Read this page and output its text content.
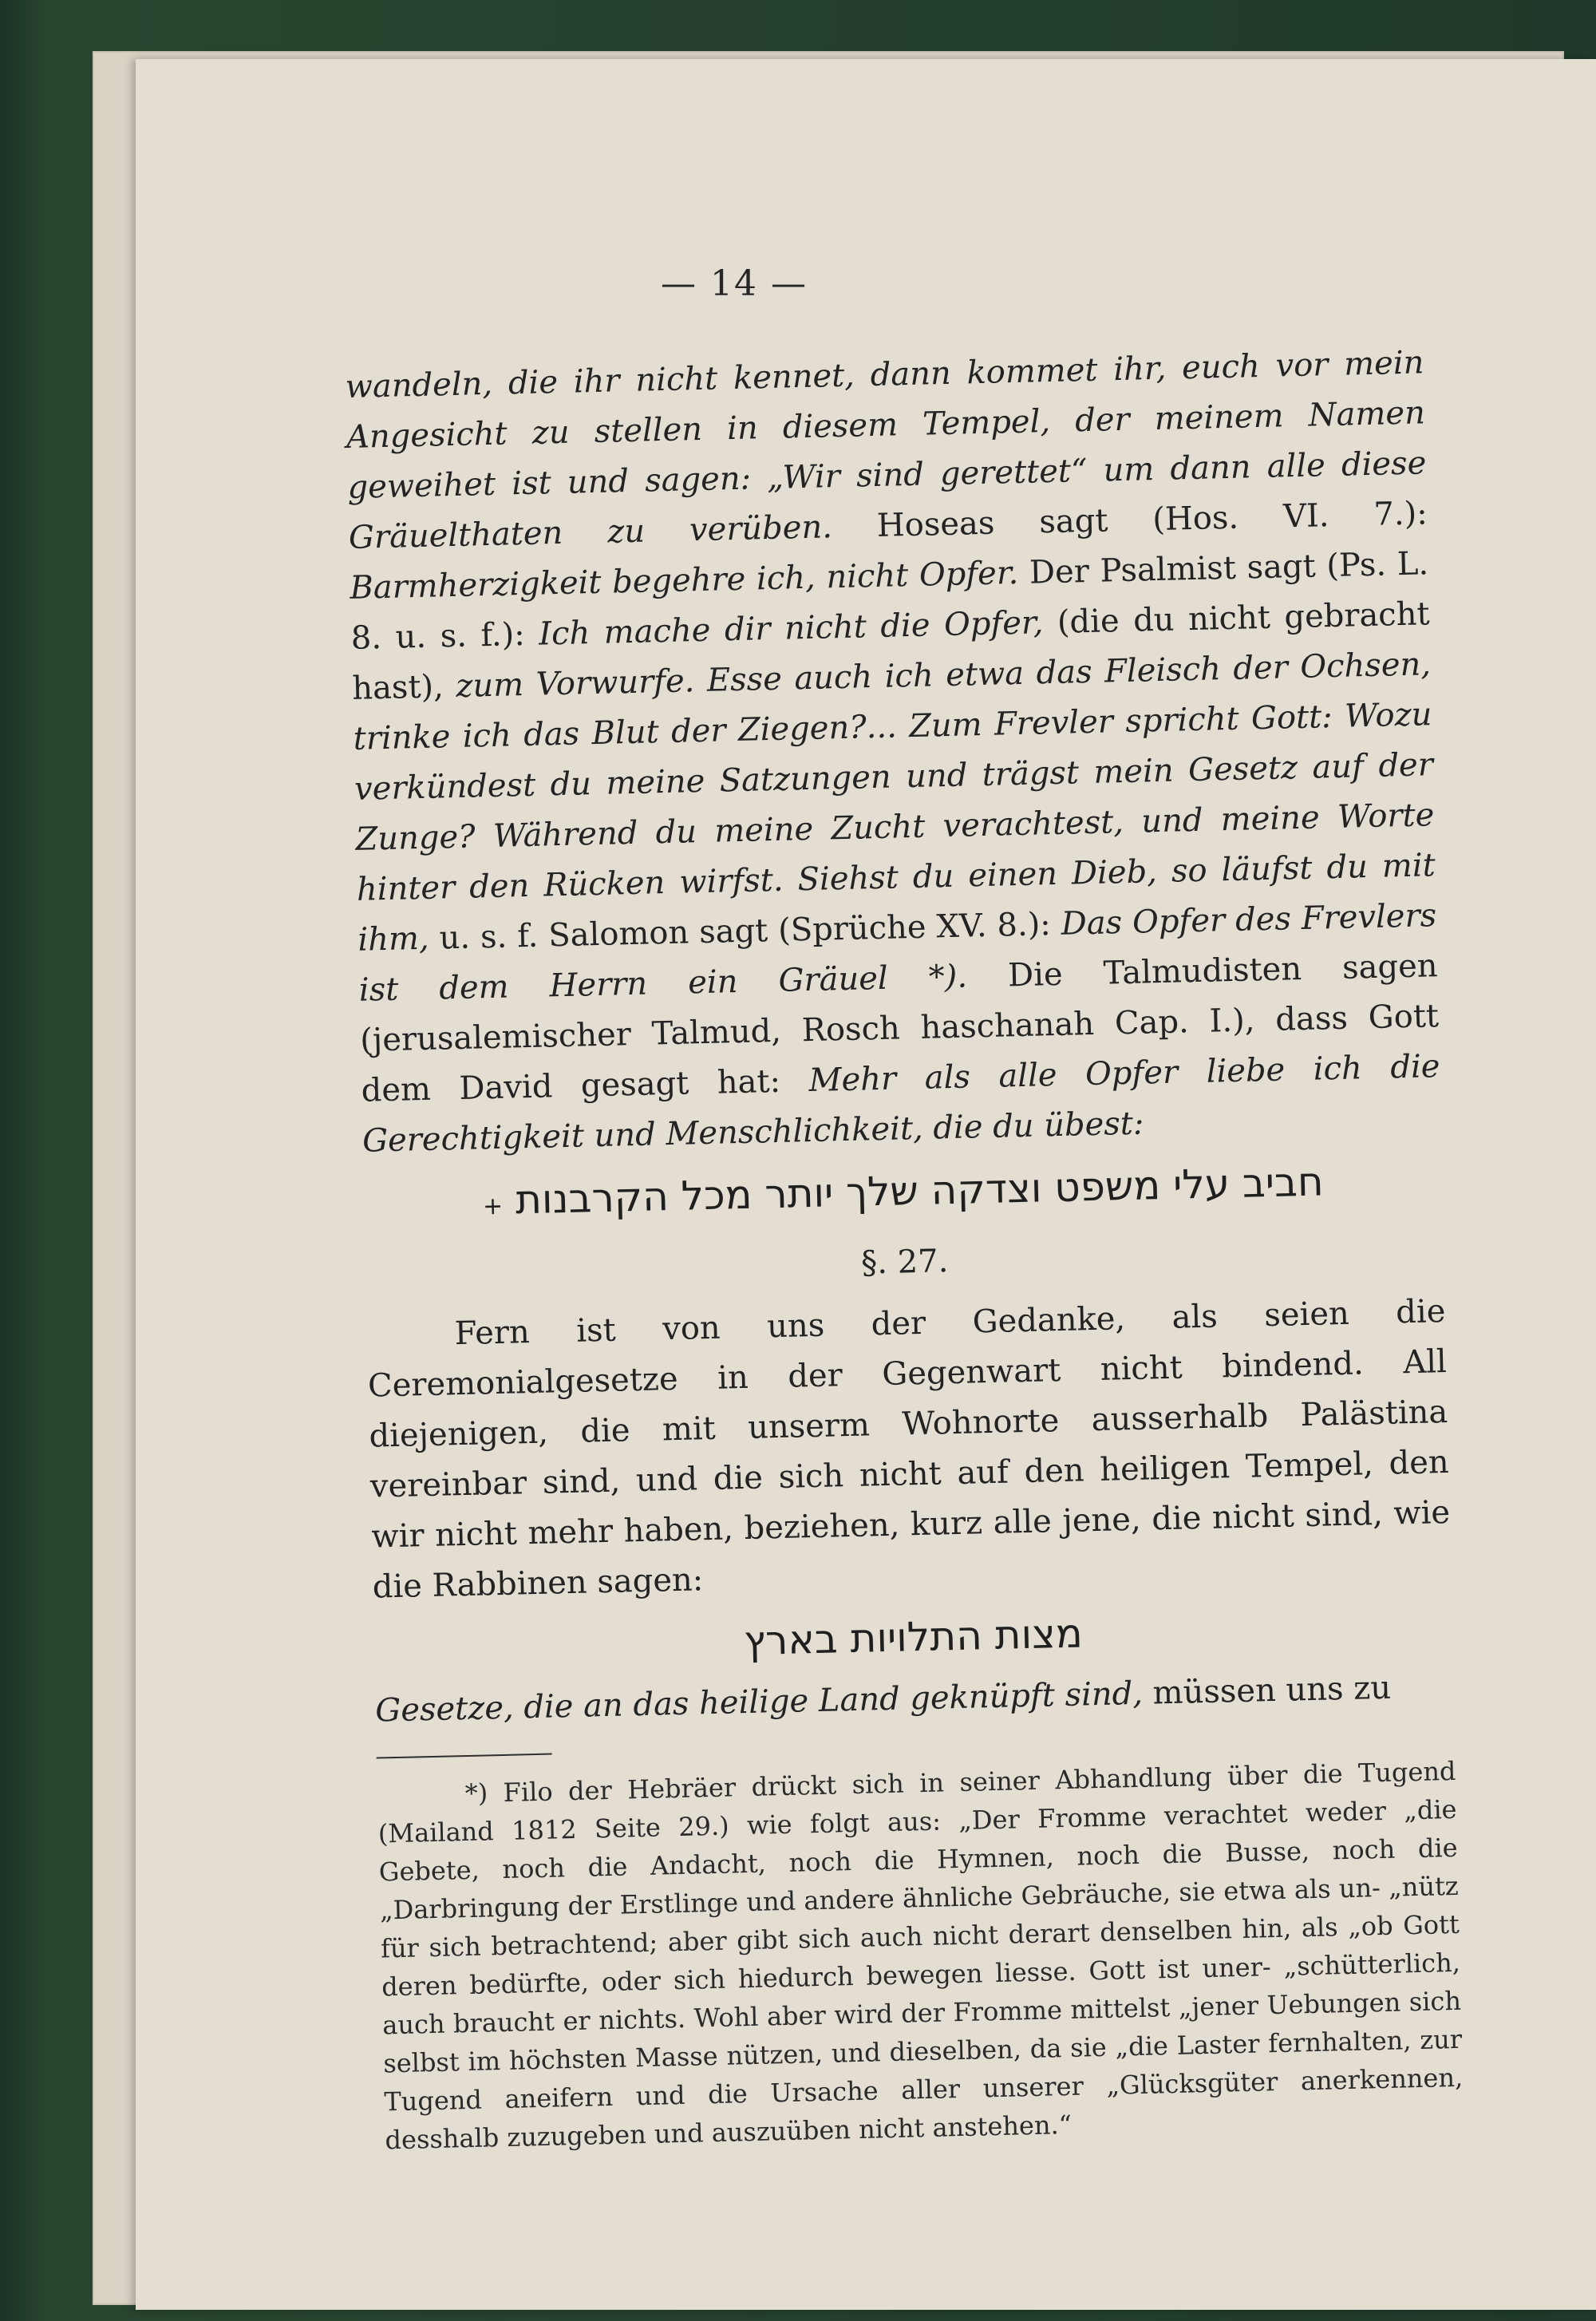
— 14 —

wandeln, die ihr nicht kennet, dann kommet ihr, euch vor mein Angesicht zu stellen in diesem Tempel, der meinem Namen geweihet ist und sagen: „Wir sind gerettet“ um dann alle diese Gräuelthaten zu verüben. Hoseas sagt (Hos. VI. 7.): Barmherzigkeit begehre ich, nicht Opfer. Der Psalmist sagt (Ps. L. 8. u. s. f.): Ich mache dir nicht die Opfer, (die du nicht gebracht hast), zum Vorwurfe. Esse auch ich etwa das Fleisch der Ochsen, trinke ich das Blut der Ziegen?... Zum Frevler spricht Gott: Wozu verkündest du meine Satzungen und trägst mein Gesetz auf der Zunge? Während du meine Zucht verachtest, und meine Worte hinter den Rücken wirfst. Siehst du einen Dieb, so läufst du mit ihm, u. s. f. Salomon sagt (Sprüche XV. 8.): Das Opfer des Frevlers ist dem Herrn ein Gräuel *). Die Talmudisten sagen (jerusalemischer Talmud, Rosch haschanah Cap. I.), dass Gott dem David gesagt hat: Mehr als alle Opfer liebe ich die Gerechtigkeit und Menschlichkeit, die du übest:

חביב עלי משפט וצדקה שלך יותר מכל הקרבנות+

§. 27.

Fern ist von uns der Gedanke, als seien die Ceremonialgesetze in der Gegenwart nicht bindend. All diejenigen, die mit unserm Wohnorte ausserhalb Palästina vereinbar sind, und die sich nicht auf den heiligen Tempel, den wir nicht mehr haben, beziehen, kurz alle jene, die nicht sind, wie die Rabbinen sagen:

מצות התלויות בארץ

Gesetze, die an das heilige Land geknüpft sind, müssen uns zu

*) Filo der Hebräer drückt sich in seiner Abhandlung über die Tugend (Mailand 1812 Seite 29.) wie folgt aus: „Der Fromme verachtet weder „die Gebete, noch die Andacht, noch die Hymnen, noch die Busse, noch die „Darbringung der Erstlinge und andere ähnliche Gebräuche, sie etwa als un- „nütz für sich betrachtend; aber gibt sich auch nicht derart denselben hin, als „ob Gott deren bedürfte, oder sich hiedurch bewegen liesse. Gott ist uner- „schütterlich, auch braucht er nichts. Wohl aber wird der Fromme mittelst „jener Uebungen sich selbst im höchsten Masse nützen, und dieselben, da sie „die Laster fernhalten, zur Tugend aneifern und die Ursache aller unserer „Glücksgüter anerkennen, desshalb zuzugeben und auszuüben nicht anstehen.“
